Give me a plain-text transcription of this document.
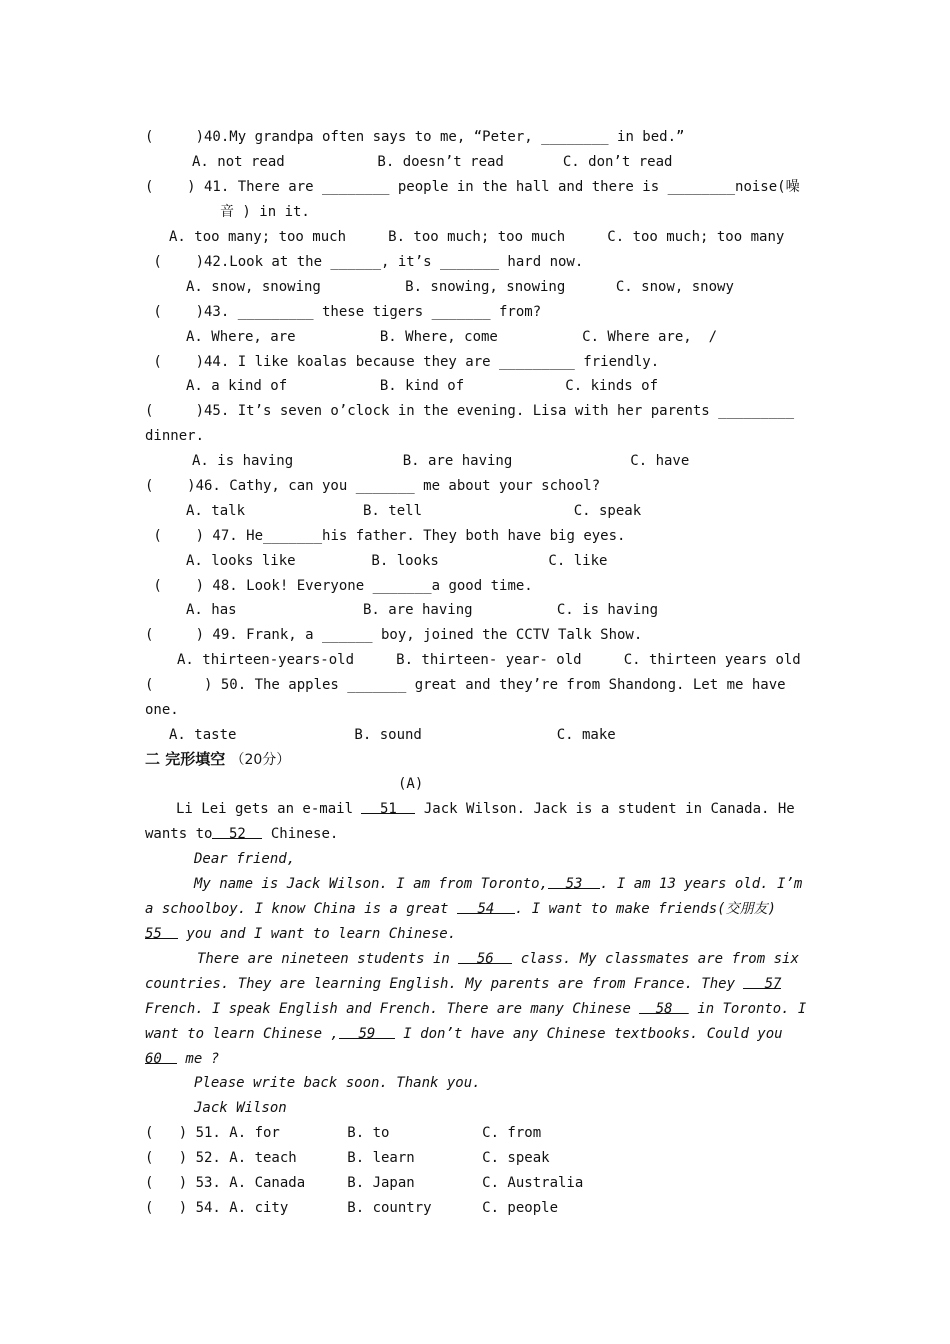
(     )40.My grandpa often says to me, “Peter, ________ in bed.”
A. not read           B. doesn’t read       C. don’t read
(    ) 41. There are ________ people in the hall and there is ________noise(噪
音 ) in it.
A. too many; too much     B. too much; too much     C. too much; too many
(    )42.Look at the ______, it’s _______ hard now.
A. snow, snowing          B. snowing, snowing      C. snow, snowy
(    )43. _________ these tigers _______ from?
A. Where, are          B. Where, come          C. Where are,  /
(    )44. I like koalas because they are _________ friendly.
A. a kind of           B. kind of            C. kinds of
(     )45. It’s seven o’clock in the evening. Lisa with her parents _________
dinner.
A. is having             B. are having              C. have
(    )46. Cathy, can you _______ me about your school?
A. talk              B. tell                  C. speak
(    ) 47. He_______his father. They both have big eyes.
A. looks like         B. looks             C. like
(    ) 48. Look! Everyone _______a good time.
A. has               B. are having          C. is having
(     ) 49. Frank, a ______ boy, joined the CCTV Talk Show.
A. thirteen-years-old     B. thirteen- year- old     C. thirteen years old
(      ) 50. The apples _______ great and they’re from Shandong. Let me have
one.
A. taste              B. sound                C. make
二 完形填空 （20分）
(A)
Li Lei gets an e-mail 51 Jack Wilson. Jack is a student in Canada. He
wants to 52 Chinese.
Dear friend,
My name is Jack Wilson. I am from Toronto, 53 . I am 13 years old. I’m
a schoolboy. I know China is a great 54 . I want to make friends(交朋友)
55 you and I want to learn Chinese.
There are nineteen students in 56 class. My classmates are from six
countries. They are learning English. My parents are from France. They 57
French. I speak English and French. There are many Chinese 58 in Toronto. I
want to learn Chinese , 59 I don’t have any Chinese textbooks. Could you
60 me ?
Please write back soon. Thank you.
Jack Wilson
(   ) 51. A. for        B. to           C. from
(   ) 52. A. teach      B. learn        C. speak
(   ) 53. A. Canada     B. Japan        C. Australia
(   ) 54. A. city       B. country      C. people
